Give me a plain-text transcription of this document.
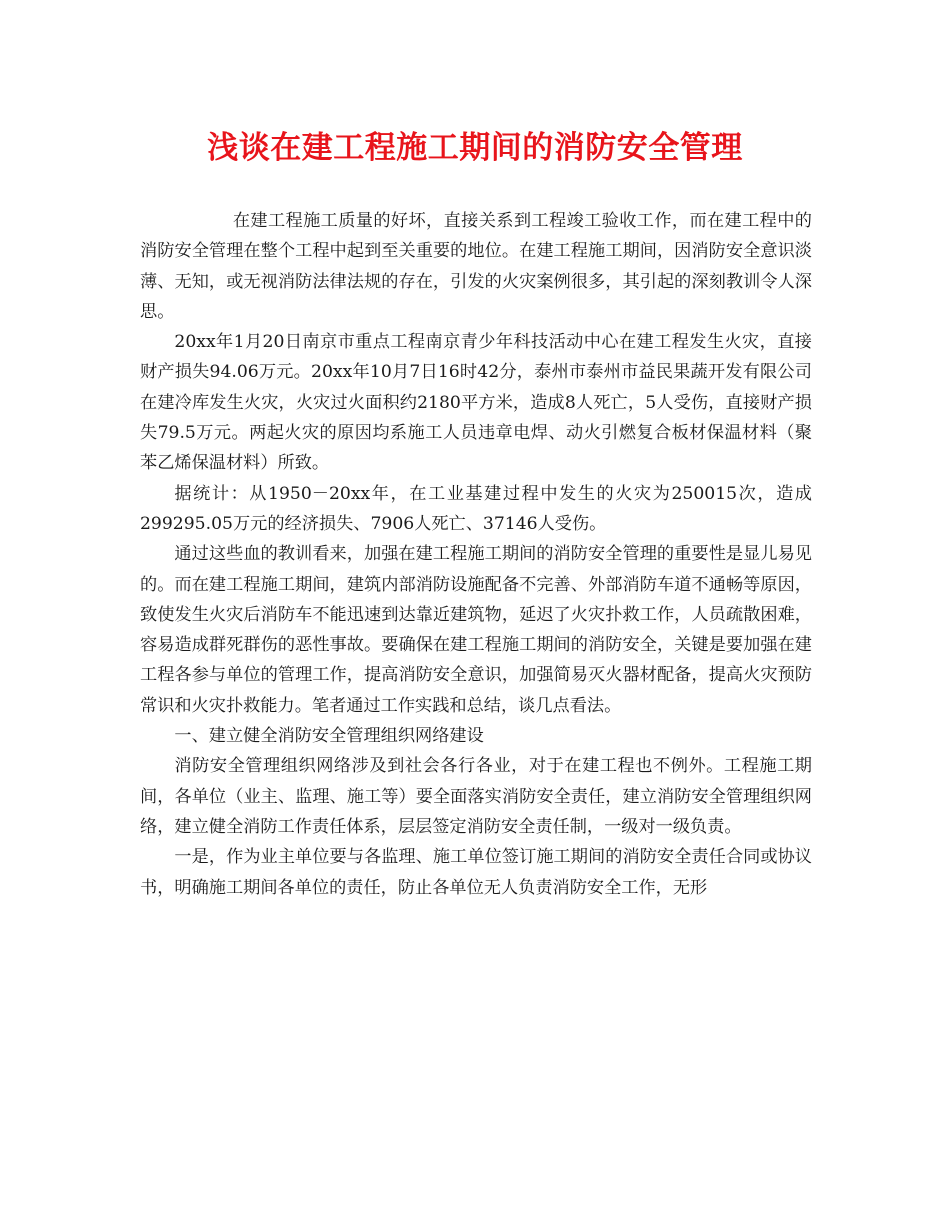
浅谈在建工程施工期间的消防安全管理

在建工程施工质量的好坏，直接关系到工程竣工验收工作，而在建工程中的消防安全管理在整个工程中起到至关重要的地位。在建工程施工期间，因消防安全意识淡薄、无知，或无视消防法律法规的存在，引发的火灾案例很多，其引起的深刻教训令人深思。

20xx年1月20日南京市重点工程南京青少年科技活动中心在建工程发生火灾，直接财产损失94.06万元。20xx年10月7日16时42分，泰州市泰州市益民果蔬开发有限公司在建冷库发生火灾，火灾过火面积约2180平方米，造成8人死亡，5人受伤，直接财产损失79.5万元。两起火灾的原因均系施工人员违章电焊、动火引燃复合板材保温材料（聚苯乙烯保温材料）所致。

据统计：从1950－20xx年，在工业基建过程中发生的火灾为250015次，造成299295.05万元的经济损失、7906人死亡、37146人受伤。

通过这些血的教训看来，加强在建工程施工期间的消防安全管理的重要性是显儿易见的。而在建工程施工期间，建筑内部消防设施配备不完善、外部消防车道不通畅等原因，致使发生火灾后消防车不能迅速到达靠近建筑物，延迟了火灾扑救工作，人员疏散困难，容易造成群死群伤的恶性事故。要确保在建工程施工期间的消防安全，关键是要加强在建工程各参与单位的管理工作，提高消防安全意识，加强简易灭火器材配备，提高火灾预防常识和火灾扑救能力。笔者通过工作实践和总结，谈几点看法。

一、建立健全消防安全管理组织网络建设

消防安全管理组织网络涉及到社会各行各业，对于在建工程也不例外。工程施工期间，各单位（业主、监理、施工等）要全面落实消防安全责任，建立消防安全管理组织网络，建立健全消防工作责任体系，层层签定消防安全责任制，一级对一级负责。

一是，作为业主单位要与各监理、施工单位签订施工期间的消防安全责任合同或协议书，明确施工期间各单位的责任，防止各单位无人负责消防安全工作，无形
